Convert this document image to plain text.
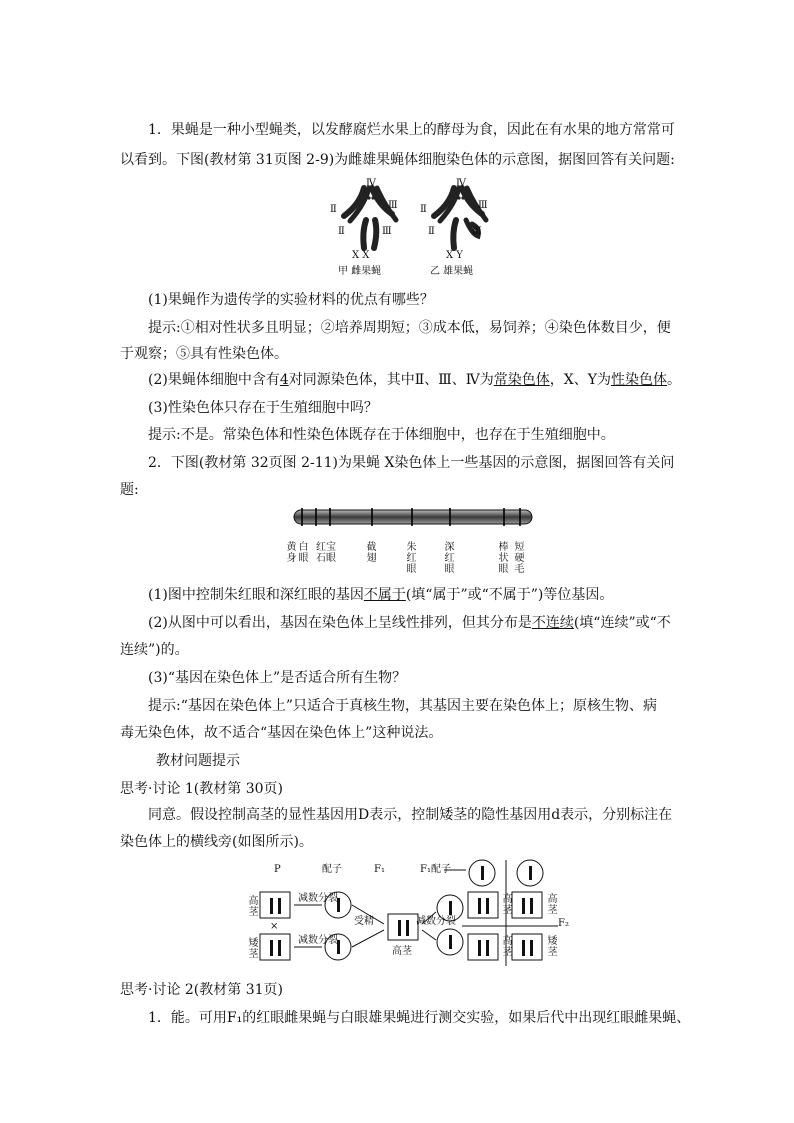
1．果蝇是一种小型蝇类，以发酵腐烂水果上的酵母为食，因此在有水果的地方常常可
以看到。下图(教材第 31页图 2-9)为雌雄果蝇体细胞染色体的示意图，据图回答有关问题:
Ⅳ
Ⅱ	Ⅲ
Ⅱ	Ⅲ
X X
甲 雌果蝇
Ⅳ
Ⅱ	Ⅲ
Ⅱ	Ⅲ
X Y
乙 雄果蝇
(1)果蝇作为遗传学的实验材料的优点有哪些？
提示:①相对性状多且明显；②培养周期短；③成本低，易饲养；④染色体数目少，便
于观察；⑤具有性染色体。
(2)果蝇体细胞中含有4对同源染色体，其中Ⅱ、Ⅲ、Ⅳ为常染色体，X、Y为性染色体。
(3)性染色体只存在于生殖细胞中吗？
提示:不是。常染色体和性染色体既存在于体细胞中，也存在于生殖细胞中。
2．下图(教材第 32页图 2-11)为果蝇 X染色体上一些基因的示意图，据图回答有关问
题:
黄身
白眼
红宝石眼
截翅
朱红眼
深红眼
棒状眼
短硬毛
(1)图中控制朱红眼和深红眼的基因不属于(填“属于”或“不属于”)等位基因。
(2)从图中可以看出，基因在染色体上呈线性排列，但其分布是不连续(填“连续”或“不
连续”)的。
(3)“基因在染色体上”是否适合所有生物？
提示:“基因在染色体上”只适合于真核生物，其基因主要在染色体上；原核生物、病
毒无染色体，故不适合“基因在染色体上”这种说法。
教材问题提示
思考·讨论 1(教材第 30页)
同意。假设控制高茎的显性基因用D表示，控制矮茎的隐性基因用d表示，分别标注在
染色体上的横线旁(如图所示)。
P	配子	F₁	F₁配子
高茎
矮茎
减数分裂
减数分裂
×	受精
高茎
减数分裂
高茎
高茎
高茎
矮茎
F₂
思考·讨论 2(教材第 31页)
1．能。可用F₁的红眼雌果蝇与白眼雄果蝇进行测交实验，如果后代中出现红眼雌果蝇、
